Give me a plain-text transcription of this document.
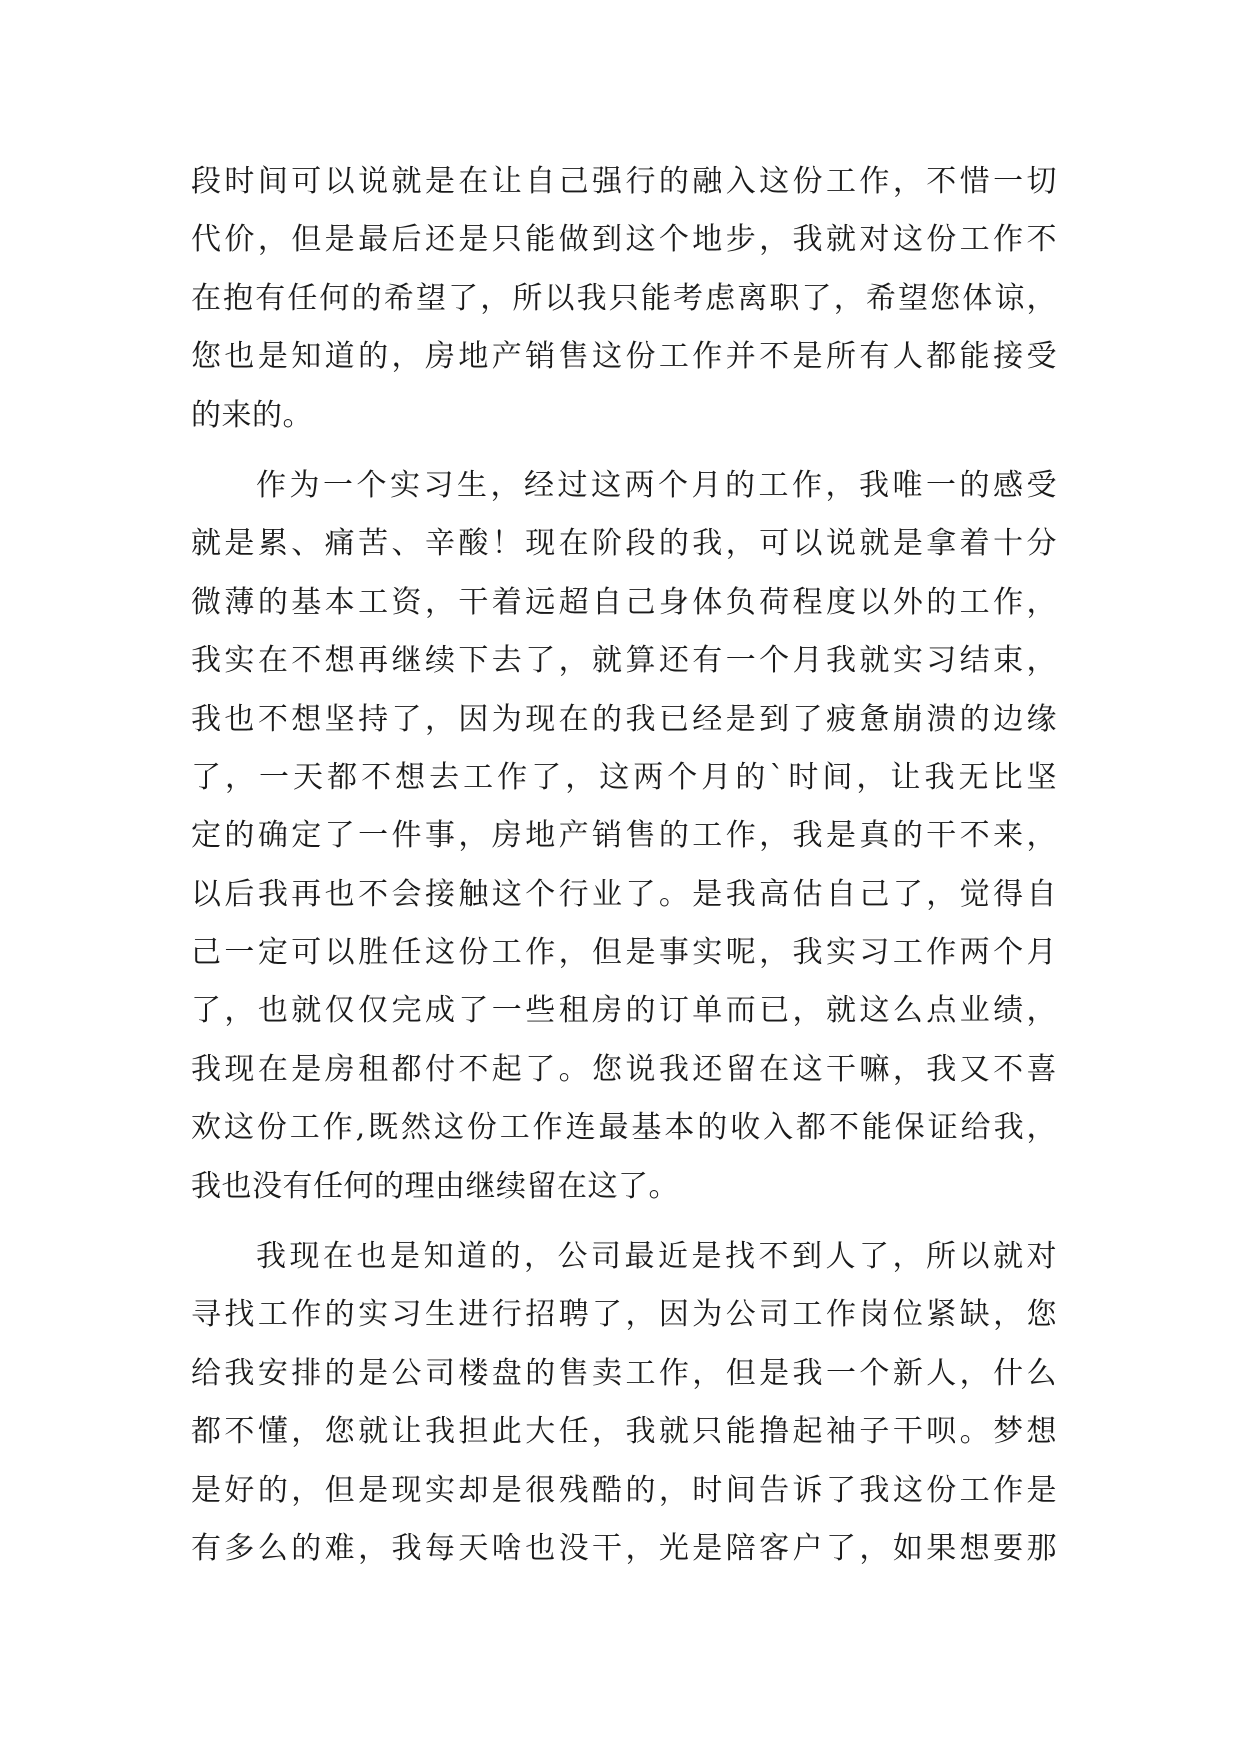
段时间可以说就是在让自己强行的融入这份工作，不惜一切
代价，但是最后还是只能做到这个地步，我就对这份工作不
在抱有任何的希望了，所以我只能考虑离职了，希望您体谅，
您也是知道的，房地产销售这份工作并不是所有人都能接受
的来的。
作为一个实习生，经过这两个月的工作，我唯一的感受
就是累、痛苦、辛酸！现在阶段的我，可以说就是拿着十分
微薄的基本工资，干着远超自己身体负荷程度以外的工作，
我实在不想再继续下去了，就算还有一个月我就实习结束，
我也不想坚持了，因为现在的我已经是到了疲惫崩溃的边缘
了，一天都不想去工作了，这两个月的`时间，让我无比坚
定的确定了一件事，房地产销售的工作，我是真的干不来，
以后我再也不会接触这个行业了。是我高估自己了，觉得自
己一定可以胜任这份工作，但是事实呢，我实习工作两个月
了，也就仅仅完成了一些租房的订单而已，就这么点业绩，
我现在是房租都付不起了。您说我还留在这干嘛，我又不喜
欢这份工作,既然这份工作连最基本的收入都不能保证给我，
我也没有任何的理由继续留在这了。
我现在也是知道的，公司最近是找不到人了，所以就对
寻找工作的实习生进行招聘了，因为公司工作岗位紧缺，您
给我安排的是公司楼盘的售卖工作，但是我一个新人，什么
都不懂，您就让我担此大任，我就只能撸起袖子干呗。梦想
是好的，但是现实却是很残酷的，时间告诉了我这份工作是
有多么的难，我每天啥也没干，光是陪客户了，如果想要那
